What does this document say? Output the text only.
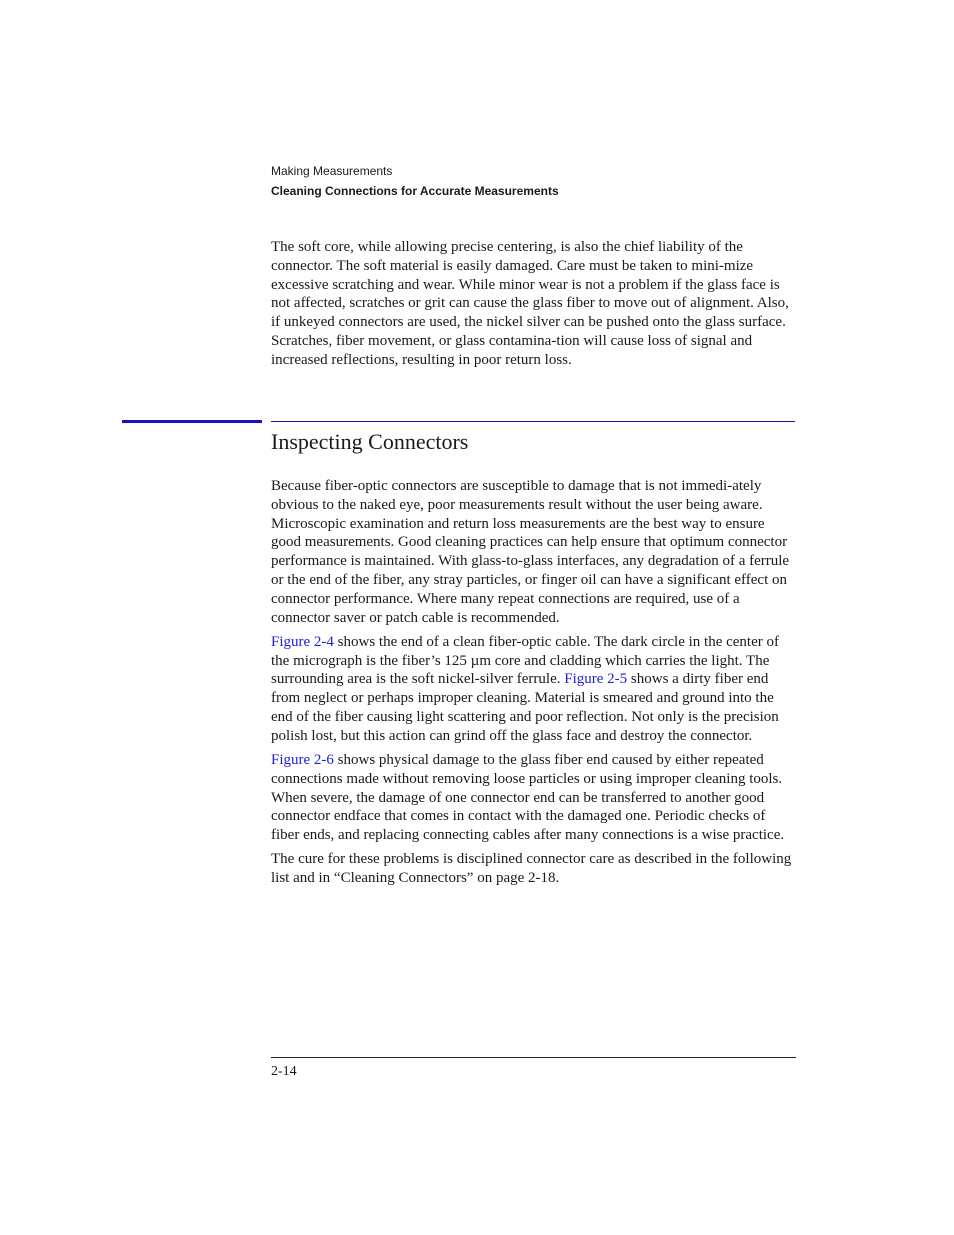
Making Measurements
Cleaning Connections for Accurate Measurements

The soft core, while allowing precise centering, is also the chief liability of the connector. The soft material is easily damaged. Care must be taken to mini-mize excessive scratching and wear. While minor wear is not a problem if the glass face is not affected, scratches or grit can cause the glass fiber to move out of alignment. Also, if unkeyed connectors are used, the nickel silver can be pushed onto the glass surface. Scratches, fiber movement, or glass contamina-tion will cause loss of signal and increased reflections, resulting in poor return loss.

Inspecting Connectors

Because fiber-optic connectors are susceptible to damage that is not immedi-ately obvious to the naked eye, poor measurements result without the user being aware. Microscopic examination and return loss measurements are the best way to ensure good measurements. Good cleaning practices can help ensure that optimum connector performance is maintained. With glass-to-glass interfaces, any degradation of a ferrule or the end of the fiber, any stray particles, or finger oil can have a significant effect on connector performance. Where many repeat connections are required, use of a connector saver or patch cable is recommended.

Figure 2-4 shows the end of a clean fiber-optic cable. The dark circle in the center of the micrograph is the fiber’s 125 µm core and cladding which carries the light. The surrounding area is the soft nickel-silver ferrule. Figure 2-5 shows a dirty fiber end from neglect or perhaps improper cleaning. Material is smeared and ground into the end of the fiber causing light scattering and poor reflection. Not only is the precision polish lost, but this action can grind off the glass face and destroy the connector.

Figure 2-6 shows physical damage to the glass fiber end caused by either repeated connections made without removing loose particles or using improper cleaning tools. When severe, the damage of one connector end can be transferred to another good connector endface that comes in contact with the damaged one. Periodic checks of fiber ends, and replacing connecting cables after many connections is a wise practice.

The cure for these problems is disciplined connector care as described in the following list and in “Cleaning Connectors” on page 2-18.

2-14
